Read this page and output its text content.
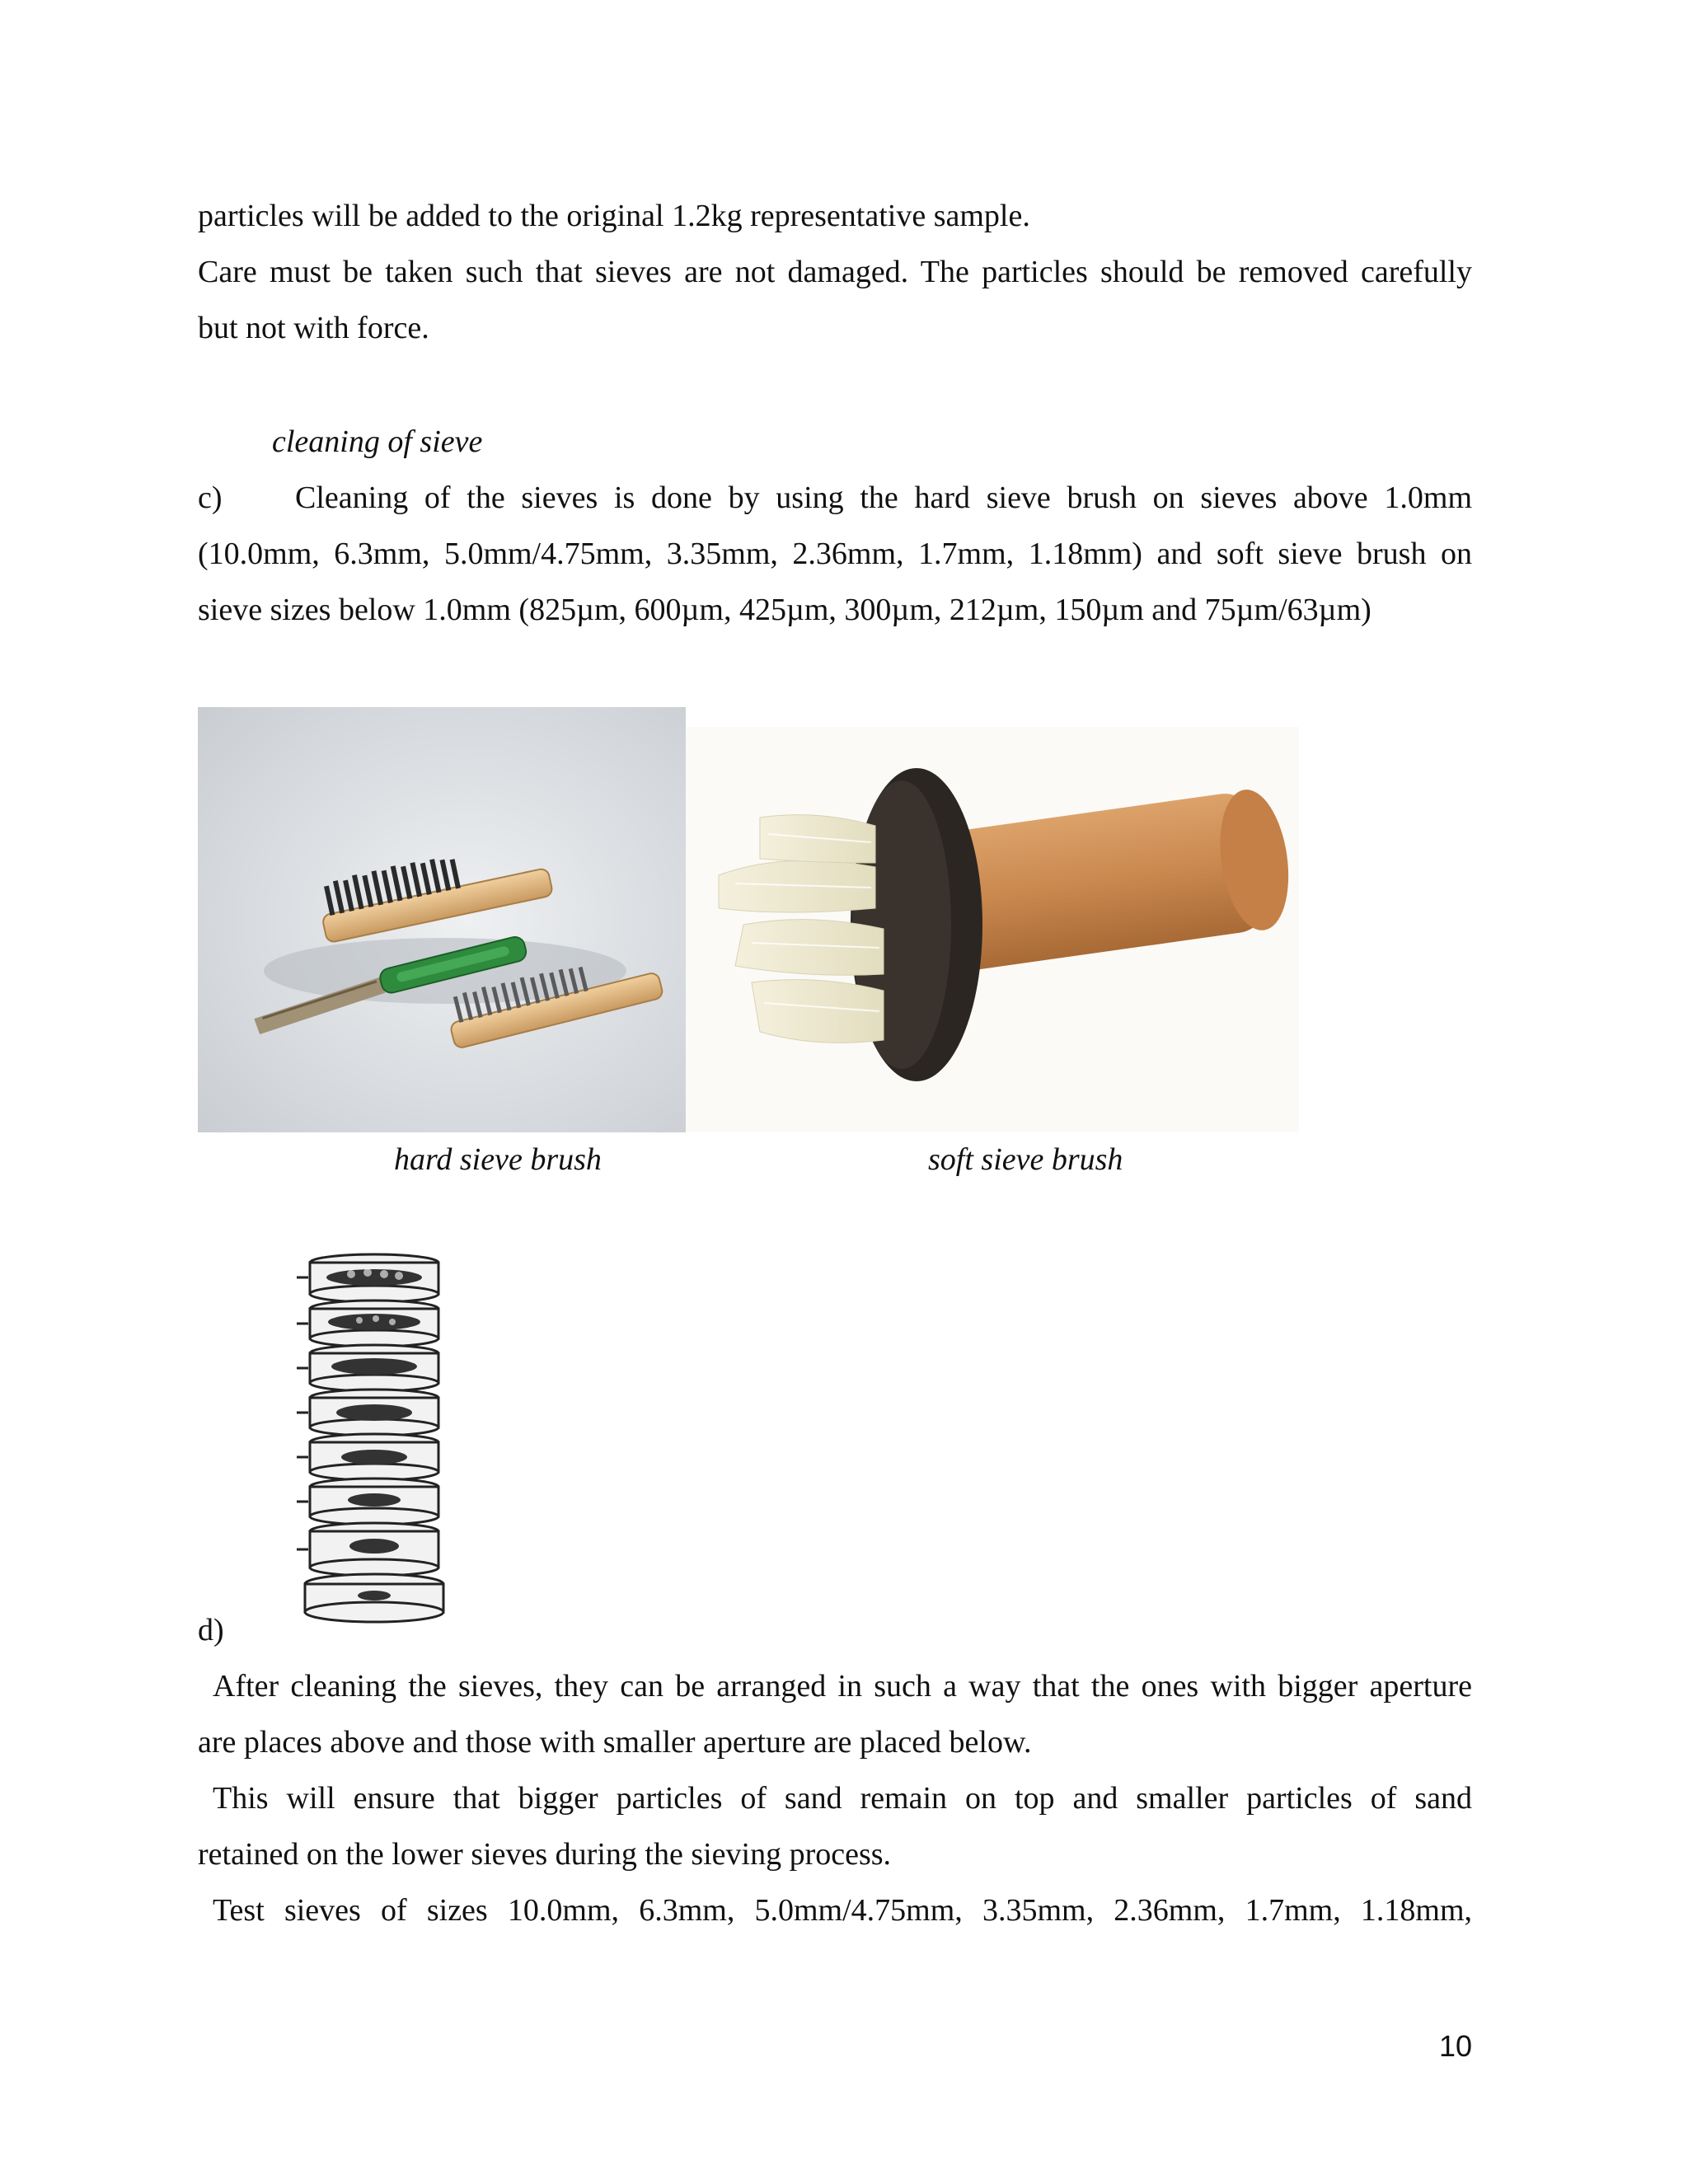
particles will be added to the original 1.2kg representative sample.
Care must be taken such that sieves are not damaged. The particles should be removed carefully
but not with force.
cleaning of sieve
c)	Cleaning of the sieves is done by using the hard sieve brush on sieves above 1.0mm
(10.0mm, 6.3mm, 5.0mm/4.75mm, 3.35mm, 2.36mm, 1.7mm, 1.18mm) and soft sieve brush on
sieve sizes below 1.0mm (825µm, 600µm, 425µm, 300µm, 212µm, 150µm and 75µm/63µm)
hard sieve brush	soft sieve brush
d)
After cleaning the sieves, they can be arranged in such a way that the ones with bigger aperture
are places above and those with smaller aperture are placed below.
This will ensure that bigger particles of sand remain on top and smaller particles of sand
retained on the lower sieves during the sieving process.
Test sieves of sizes 10.0mm, 6.3mm, 5.0mm/4.75mm, 3.35mm, 2.36mm, 1.7mm, 1.18mm,
10
